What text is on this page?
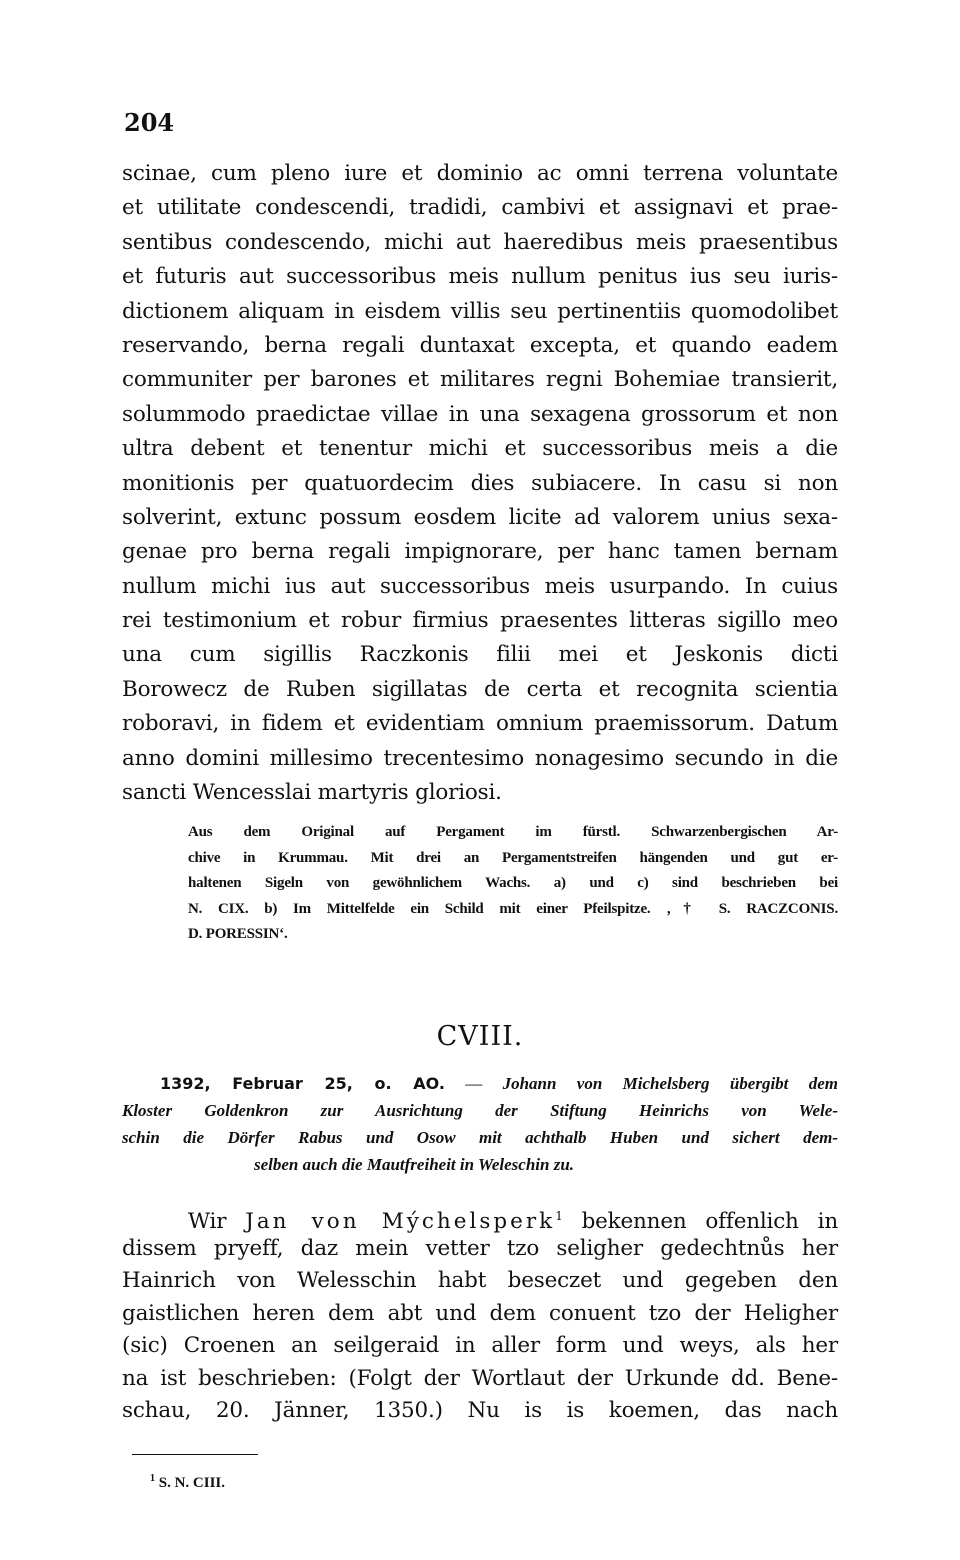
204
scinae, cum pleno iure et dominio ac omni terrena voluntate
et utilitate condescendi, tradidi, cambivi et assignavi et prae-
sentibus condescendo, michi aut haeredibus meis praesentibus
et futuris aut successoribus meis nullum penitus ius seu iuris-
dictionem aliquam in eisdem villis seu pertinentiis quomodolibet
reservando, berna regali duntaxat excepta, et quando eadem
communiter per barones et militares regni Bohemiae transierit,
solummodo praedictae villae in una sexagena grossorum et non
ultra debent et tenentur michi et successoribus meis a die
monitionis per quatuordecim dies subiacere. In casu si non
solverint, extunc possum eosdem licite ad valorem unius sexa-
genae pro berna regali impignorare, per hanc tamen bernam
nullum michi ius aut successoribus meis usurpando. In cuius
rei testimonium et robur firmius praesentes litteras sigillo meo
una cum sigillis Raczkonis filii mei et Jeskonis dicti
Borowecz de Ruben sigillatas de certa et recognita scientia
roboravi, in fidem et evidentiam omnium praemissorum. Datum
anno domini millesimo trecentesimo nonagesimo secundo in die
sancti Wencesslai martyris gloriosi.
Aus dem Original auf Pergament im fürstl. Schwarzenbergischen Ar-
chive in Krummau. Mit drei an Pergamentstreifen hängenden und gut er-
haltenen Sigeln von gewöhnlichem Wachs. a) und c) sind beschrieben bei
N. CIX. b) Im Mittelfelde ein Schild mit einer Pfeilspitze. ‚† S. RACZCONIS.
D. PORESSIN‘.
CVIII.
1392, Februar 25, o. AO. — Johann von Michelsberg übergibt dem
Kloster Goldenkron zur Ausrichtung der Stiftung Heinrichs von Wele-
schin die Dörfer Rabus und Osow mit achthalb Huben und sichert dem-
selben auch die Mautfreiheit in Weleschin zu.
Wir Jan von Mýchelsperk$^1$ bekennen offenlich in
dissem pryeff, daz mein vetter tzo seligher gedechtnůs her
Hainrich von Welesschin habt beseczet und gegeben den
gaistlichen heren dem abt und dem conuent tzo der Heligher
(sic) Croenen an seilgeraid in aller form und weys, als her
na ist beschrieben: (Folgt der Wortlaut der Urkunde dd. Bene-
schau, 20. Jänner, 1350.) Nu is is koemen, das nach
$^1$ S. N. CIII.
